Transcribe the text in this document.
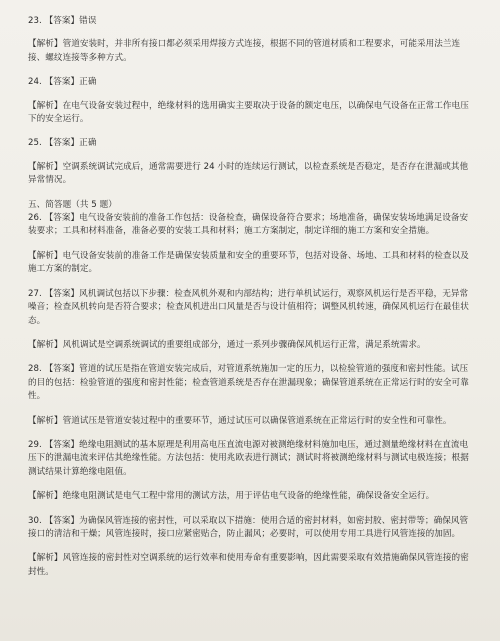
23. 【答案】错误

【解析】管道安装时，并非所有接口都必须采用焊接方式连接，根据不同的管道材质和工程要求，可能采用法兰连接、螺纹连接等多种方式。

24. 【答案】正确

【解析】在电气设备安装过程中，绝缘材料的选用确实主要取决于设备的额定电压，以确保电气设备在正常工作电压下的安全运行。

25. 【答案】正确

【解析】空调系统调试完成后，通常需要进行 24 小时的连续运行测试，以检查系统是否稳定，是否存在泄漏或其他异常情况。

五、简答题（共 5 题）

26. 【答案】电气设备安装前的准备工作包括：设备检查，确保设备符合要求；场地准备，确保安装场地满足设备安装要求；工具和材料准备，准备必要的安装工具和材料；施工方案制定，制定详细的施工方案和安全措施。

【解析】电气设备安装前的准备工作是确保安装质量和安全的重要环节，包括对设备、场地、工具和材料的检查以及施工方案的制定。

27. 【答案】风机调试包括以下步骤：检查风机外观和内部结构；进行单机试运行，观察风机运行是否平稳，无异常噪音；检查风机转向是否符合要求；检查风机进出口风量是否与设计值相符；调整风机转速，确保风机运行在最佳状态。

【解析】风机调试是空调系统调试的重要组成部分，通过一系列步骤确保风机运行正常，满足系统需求。

28. 【答案】管道的试压是指在管道安装完成后，对管道系统施加一定的压力，以检验管道的强度和密封性能。试压的目的包括：检验管道的强度和密封性能；检查管道系统是否存在泄漏现象；确保管道系统在正常运行时的安全可靠性。

【解析】管道试压是管道安装过程中的重要环节，通过试压可以确保管道系统在正常运行时的安全性和可靠性。

29. 【答案】绝缘电阻测试的基本原理是利用高电压直流电源对被测绝缘材料施加电压，通过测量绝缘材料在直流电压下的泄漏电流来评估其绝缘性能。方法包括：使用兆欧表进行测试；测试时将被测绝缘材料与测试电极连接；根据测试结果计算绝缘电阻值。

【解析】绝缘电阻测试是电气工程中常用的测试方法，用于评估电气设备的绝缘性能，确保设备安全运行。

30. 【答案】为确保风管连接的密封性，可以采取以下措施：使用合适的密封材料，如密封胶、密封带等；确保风管接口的清洁和干燥；风管连接时，接口应紧密贴合，防止漏风；必要时，可以使用专用工具进行风管连接的加固。

【解析】风管连接的密封性对空调系统的运行效率和使用寿命有重要影响，因此需要采取有效措施确保风管连接的密封性。
